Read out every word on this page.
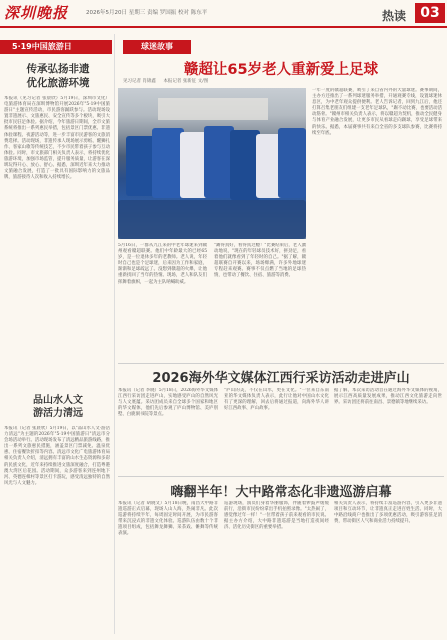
深圳晚报	2026年5月20日 星期三 责编 罗国振 校对 陈东平	热读	03
5·19中国旅游日
传承弘扬非遗
优化旅游环境
本报讯（见习记者 张晨欣）5月19日，深圳市文化广电旅游体育局在深圳博物馆开展2026年"5·19中国旅游日"主题宣传活动，市民游客踊跃参与。活动现场设置非遗展示、文旅惠民、安全宣传等多个板块，吸引大批市民驻足体验。据介绍，今年旅游日期间，全市文旅系统将推出一系列惠民举措，包括景区门票优惠、非遗体验课程、夜游活动等，进一步丰富市民游客的文旅消费选择。活动现场，非遗传承人现场展示剪纸、醒狮扎作、客家山歌等传统技艺，不少市民带着孩子参与互动体验。同时，市文旅部门相关负责人表示，将持续优化旅游环境，加强市场监管，提升服务质量，让游客在深圳玩得开心、放心、舒心。据悉，深圳近年来大力推动文旅融合发展，打造了一批具有国际影响力的文旅品牌，旅游接待人次和收入持续增长。
品山水人文
游活力清远
本报讯（记者 张晨欣）5月19日，以"品山水人文·游活力清远"为主题的2026年"5·19中国旅游日"清远市分会场活动举行。活动现场发布了清远精品旅游线路，推出一系列文旅惠民措施，涵盖景区门票减免、温泉优惠、住宿餐饮折扣等内容。清远市文化广电旅游体育局相关负责人介绍，清远拥有丰富的山水生态资源和多彩的民族文化，近年来持续推进文旅深度融合，打造粤港澳大湾区后花园。活动期间，众多游客来到连州地下河、英德连樟村等景区打卡游玩，感受清远独特的自然风光与人文魅力。
球迷故事
赣超让65岁老人重新爱上足球
见习记者 肖锦鑫 本报记者 张新征 文/图
5月16日，一群从九江来的中老年球迷来到赣州观看赣超联赛。他们中年龄最大的已经65岁，是一位退休多年的老教师。老人说，年轻时自己也是个足球迷，后来因为工作和家庭，渐渐和足球疏远了。没想到赣超的火爆，让他重新找回了当年的热情。现场，老人和队友们挥舞着旗帜，一起为主队呐喊助威。
"踢得真好，看得真过瘾！"比赛结束后，老人激动地说，"现在的年轻球员技术好，拼劲足，看着他们就像看到了年轻时的自己。"据了解，赣超联赛自开赛以来，场场爆满，许多外地球迷专程赶来观赛。赛事不仅点燃了当地的足球热情，也带动了餐饮、住宿、旅游等消费。
一年一度的赣超联赛，吸引了来自省内外的大量球迷。赛事期间，主办方还推出了一系列球迷服务举措，开通观赛专线，设置球迷休息区，为中老年观众提供便利。老人告诉记者，回到九江后，他还打算召集老朋友们组建一支老年足球队，"踢不动比赛，也要活动活动筋骨。"赣州市相关负责人表示，将以赣超为契机，推动全民健身与体育产业融合发展，让更多市民从看球走向踢球，享受足球带来的快乐。据悉，本届赛事共有来自全省的多支球队参赛，比赛将持续至年底。
2026海外华文媒体江西行采访活动走进庐山
本报讯（记者 李晓）5月18日，2026海外华文媒体江西行采访团走进庐山，实地感受庐山的自然风光与人文底蕴。采访团成员来自全球多个国家和地区的华文媒体，他们先后参观了庐山博物馆、美庐别墅、白鹿洞书院等景点。
"庐山的美，不仅在山水，更在文化。"一位来自东南亚的华文媒体负责人表示，此行让他对中国山水文化有了更深的理解，回去后将通过报道，向海外华人讲好江西故事、庐山故事。
据了解，本次采访活动旨在通过海外华文媒体的视角，展示江西高质量发展成果，推动江西文化旅游走向世界。采访团还将前往南昌、景德镇等地继续采访。
嗨翻半年！大中路常态化非遗巡游启幕
本报讯（记者 胡晓文）5月18日晚，南昌大中路非遗巡游正式启幕，现场人山人海，热闹非凡。此次巡游将持续半年，每周固定时间开展，为市民游客带来沉浸式的非遗文化体验。巡游队伍由数十个非遗项目组成，包括舞龙舞狮、采茶戏、傩舞等传统表演。
巡游现场，演员们身着华丽服饰，伴随着锣鼓声缓缓前行，沿街市民纷纷拿出手机拍照录像。"太热闹了，感觉像过年一样！"一位带着孩子前来观看的市民说。据主办方介绍，大中路非遗巡游是当地打造夜间经济、活化历史街区的重要举措。
相关负责人表示，将持续丰富巡游内容，引入更多非遗项目和互动环节，让非遗真正走进百姓生活。同时，大中路沿线商户也推出了多项优惠活动，吸引游客驻足消费，带动街区人气和商业活力持续提升。
